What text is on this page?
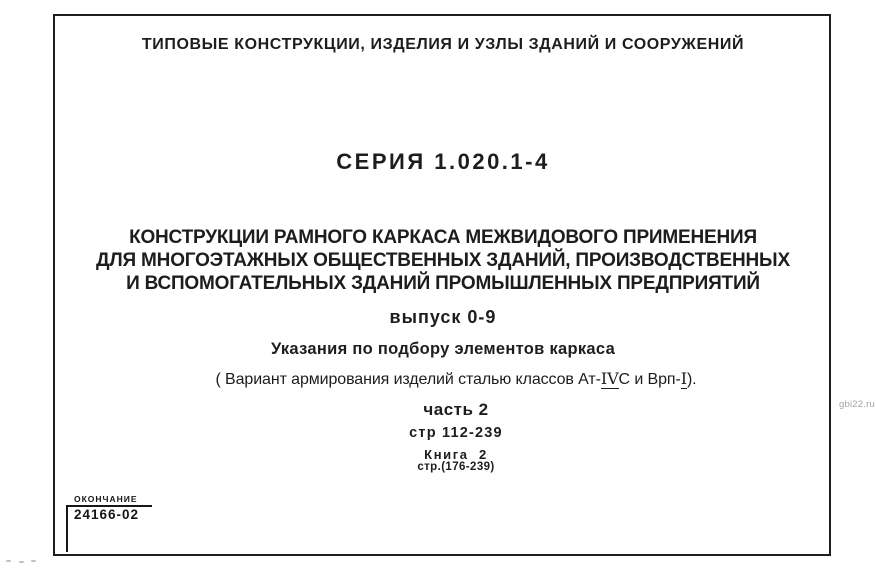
ТИПОВЫЕ КОНСТРУКЦИИ, ИЗДЕЛИЯ И УЗЛЫ ЗДАНИЙ И СООРУЖЕНИЙ
СЕРИЯ 1.020.1-4
КОНСТРУКЦИИ РАМНОГО КАРКАСА МЕЖВИДОВОГО ПРИМЕНЕНИЯ
ДЛЯ МНОГОЭТАЖНЫХ ОБЩЕСТВЕННЫХ ЗДАНИЙ, ПРОИЗВОДСТВЕННЫХ
И ВСПОМОГАТЕЛЬНЫХ ЗДАНИЙ ПРОМЫШЛЕННЫХ ПРЕДПРИЯТИЙ
выпуск 0-9
Указания по подбору элементов каркаса
( Вариант армирования изделий сталью классов Ат-IVС и Врп-I).
часть 2
стр 112-239
Книга  2
стр.(176-239)
ОКОНЧАНИЕ
24166-02
gbi22.ru
